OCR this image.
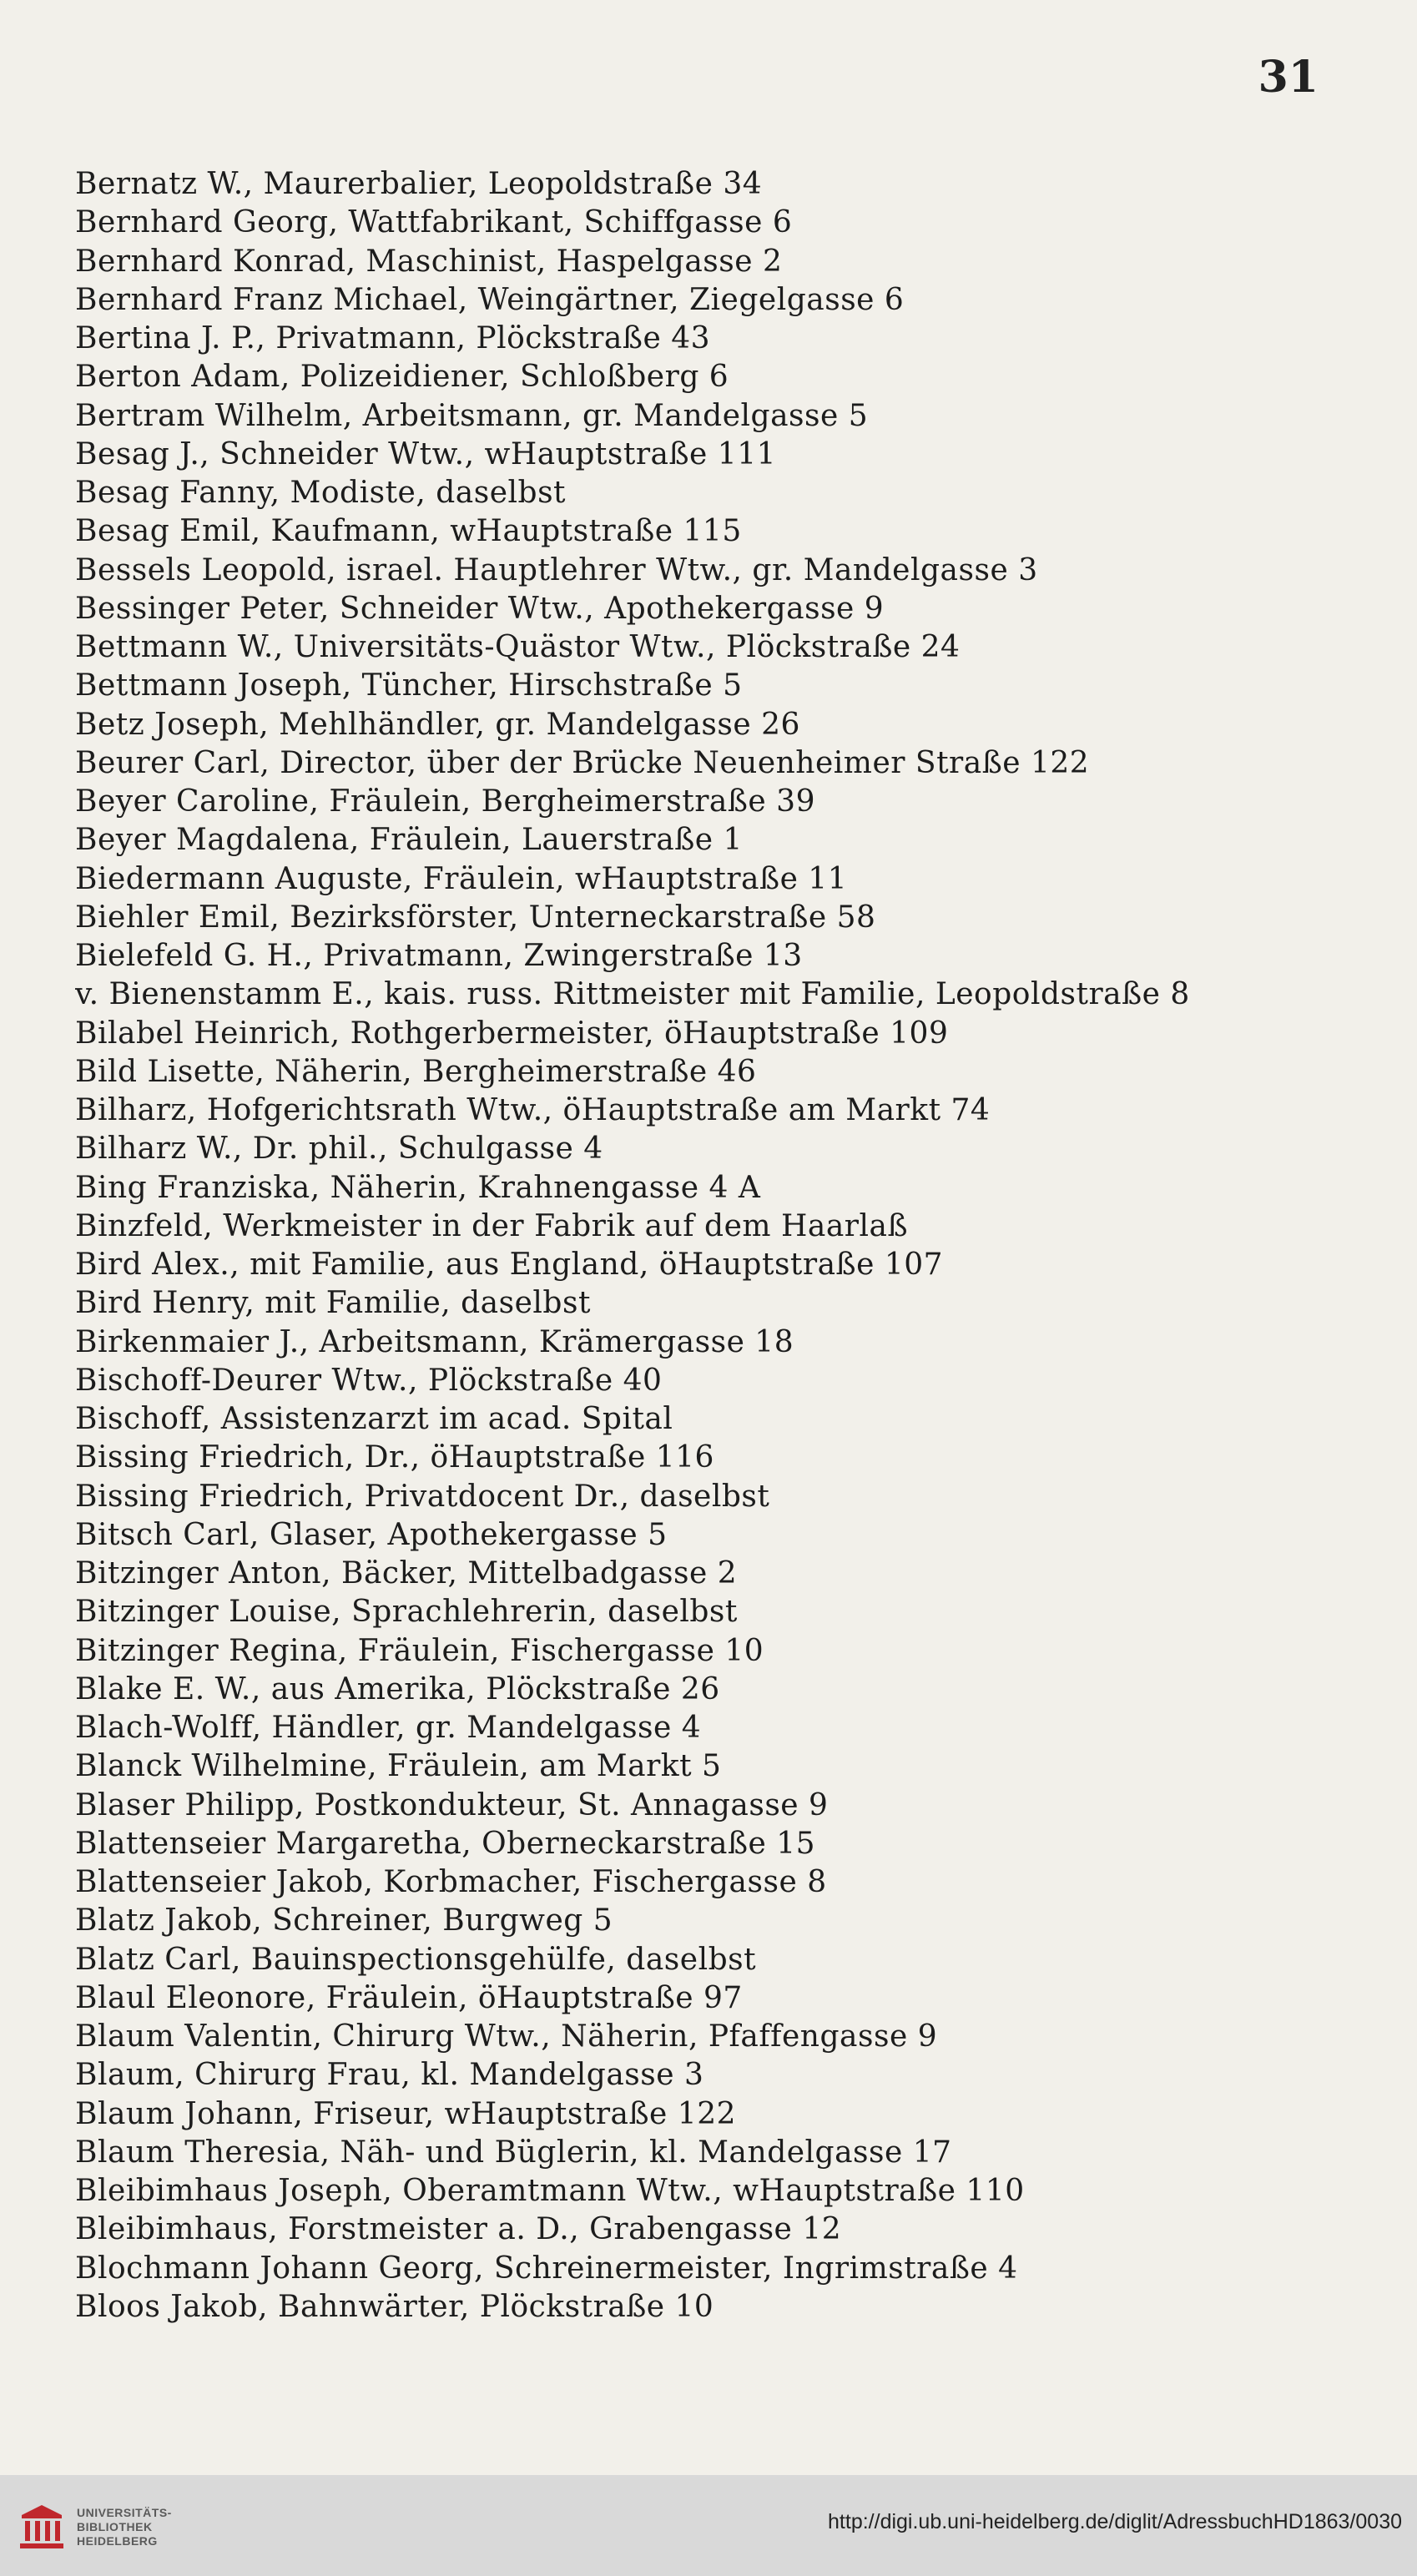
31
Bernatz W., Maurerbalier, Leopoldstraße 34
Bernhard Georg, Wattfabrikant, Schiffgasse 6
Bernhard Konrad, Maschinist, Haspelgasse 2
Bernhard Franz Michael, Weingärtner, Ziegelgasse 6
Bertina J. P., Privatmann, Plöckstraße 43
Berton Adam, Polizeidiener, Schloßberg 6
Bertram Wilhelm, Arbeitsmann, gr. Mandelgasse 5
Besag J., Schneider Wtw., wHauptstraße 111
Besag Fanny, Modiste, daselbst
Besag Emil, Kaufmann, wHauptstraße 115
Bessels Leopold, israel. Hauptlehrer Wtw., gr. Mandelgasse 3
Bessinger Peter, Schneider Wtw., Apothekergasse 9
Bettmann W., Universitäts-Quästor Wtw., Plöckstraße 24
Bettmann Joseph, Tüncher, Hirschstraße 5
Betz Joseph, Mehlhändler, gr. Mandelgasse 26
Beurer Carl, Director, über der Brücke Neuenheimer Straße 122
Beyer Caroline, Fräulein, Bergheimerstraße 39
Beyer Magdalena, Fräulein, Lauerstraße 1
Biedermann Auguste, Fräulein, wHauptstraße 11
Biehler Emil, Bezirksförster, Unterneckarstraße 58
Bielefeld G. H., Privatmann, Zwingerstraße 13
v. Bienenstamm E., kais. russ. Rittmeister mit Familie, Leopoldstraße 8
Bilabel Heinrich, Rothgerbermeister, öHauptstraße 109
Bild Lisette, Näherin, Bergheimerstraße 46
Bilharz, Hofgerichtsrath Wtw., öHauptstraße am Markt 74
Bilharz W., Dr. phil., Schulgasse 4
Bing Franziska, Näherin, Krahnengasse 4 A
Binzfeld, Werkmeister in der Fabrik auf dem Haarlaß
Bird Alex., mit Familie, aus England, öHauptstraße 107
Bird Henry, mit Familie, daselbst
Birkenmaier J., Arbeitsmann, Krämergasse 18
Bischoff-Deurer Wtw., Plöckstraße 40
Bischoff, Assistenzarzt im acad. Spital
Bissing Friedrich, Dr., öHauptstraße 116
Bissing Friedrich, Privatdocent Dr., daselbst
Bitsch Carl, Glaser, Apothekergasse 5
Bitzinger Anton, Bäcker, Mittelbadgasse 2
Bitzinger Louise, Sprachlehrerin, daselbst
Bitzinger Regina, Fräulein, Fischergasse 10
Blake E. W., aus Amerika, Plöckstraße 26
Blach-Wolff, Händler, gr. Mandelgasse 4
Blanck Wilhelmine, Fräulein, am Markt 5
Blaser Philipp, Postkondukteur, St. Annagasse 9
Blattenseier Margaretha, Oberneckarstraße 15
Blattenseier Jakob, Korbmacher, Fischergasse 8
Blatz Jakob, Schreiner, Burgweg 5
Blatz Carl, Bauinspectionsgehülfe, daselbst
Blaul Eleonore, Fräulein, öHauptstraße 97
Blaum Valentin, Chirurg Wtw., Näherin, Pfaffengasse 9
Blaum, Chirurg Frau, kl. Mandelgasse 3
Blaum Johann, Friseur, wHauptstraße 122
Blaum Theresia, Näh- und Büglerin, kl. Mandelgasse 17
Bleibimhaus Joseph, Oberamtmann Wtw., wHauptstraße 110
Bleibimhaus, Forstmeister a. D., Grabengasse 12
Blochmann Johann Georg, Schreinermeister, Ingrimstraße 4
Bloos Jakob, Bahnwärter, Plöckstraße 10
UNIVERSITÄTS-
BIBLIOTHEK
HEIDELBERG
http://digi.ub.uni-heidelberg.de/diglit/AdressbuchHD1863/0030
